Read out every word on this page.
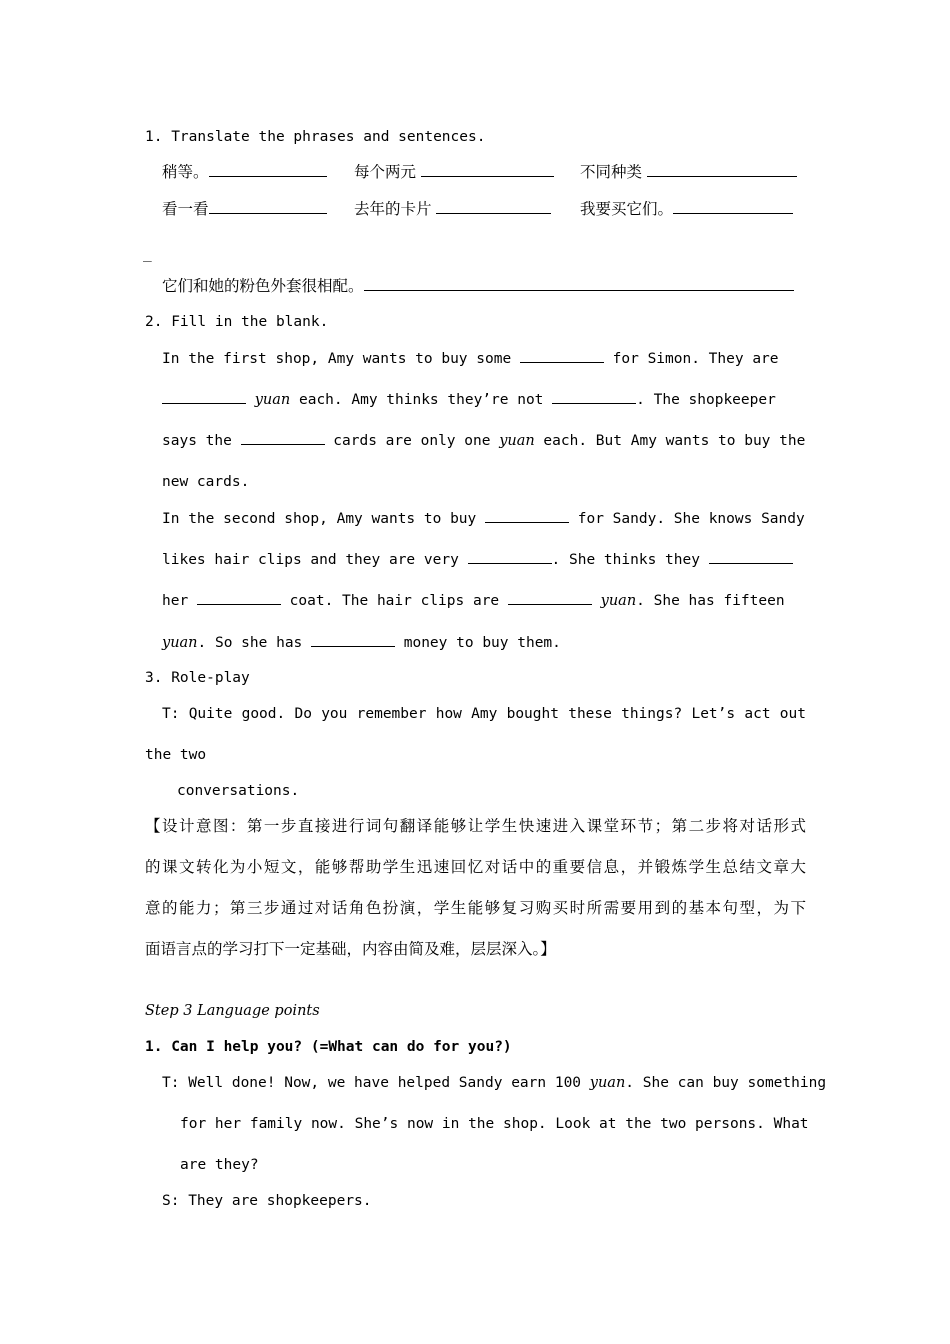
1. Translate the phrases and sentences.
稍等。	每个两元	不同种类
看一看	去年的卡片	我要买它们。
_
它们和她的粉色外套很相配。
2. Fill in the blank.
In the first shop, Amy wants to buy some	for Simon. They are
yuan each. Amy thinks they’re not	. The shopkeeper
says the	cards are only one yuan each. But Amy wants to buy the
new cards.
In the second shop, Amy wants to buy	for Sandy. She knows Sandy
likes hair clips and they are very	. She thinks they
her	coat. The hair clips are	yuan. She has fifteen
yuan. So she has	money to buy them.
3. Role-play
T: Quite good. Do you remember how Amy bought these things? Let’s act out
the two
conversations.
【设计意图：第一步直接进行词句翻译能够让学生快速进入课堂环节；第二步将对话形式
的课文转化为小短文，能够帮助学生迅速回忆对话中的重要信息，并锻炼学生总结文章大
意的能力；第三步通过对话角色扮演，学生能够复习购买时所需要用到的基本句型，为下
面语言点的学习打下一定基础，内容由简及难，层层深入。】
Step 3 Language points
1. Can I help you? (=What can do for you?)
T: Well done! Now, we have helped Sandy earn 100 yuan. She can buy something
for her family now. She’s now in the shop. Look at the two persons. What
are they?
S: They are shopkeepers.
